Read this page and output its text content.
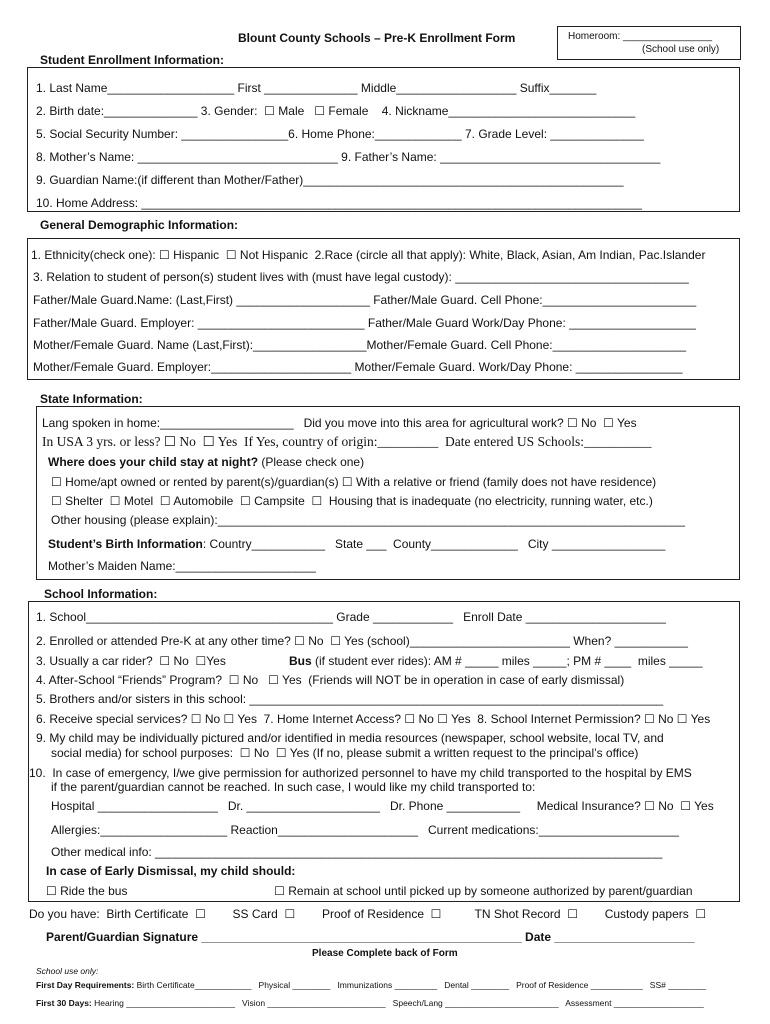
Blount County Schools – Pre-K Enrollment Form	Homeroom: ________________
(School use only)
Student Enrollment Information:
1. Last Name___________________ First ______________ Middle__________________ Suffix_______
2. Birth date:______________ 3. Gender:  ☐ Male   ☐ Female    4. Nickname____________________________
5. Social Security Number: ________________6. Home Phone:_____________ 7. Grade Level: ______________
8. Mother’s Name: ______________________________ 9. Father’s Name: _________________________________
9. Guardian Name:(if different than Mother/Father)________________________________________________
10. Home Address: ___________________________________________________________________________
General Demographic Information:
1. Ethnicity(check one): ☐ Hispanic  ☐ Not Hispanic  2.Race (circle all that apply): White, Black, Asian, Am Indian, Pac.Islander
3. Relation to student of person(s) student lives with (must have legal custody): ___________________________________
Father/Male Guard.Name: (Last,First) ____________________ Father/Male Guard. Cell Phone:_______________________
Father/Male Guard. Employer: _________________________ Father/Male Guard Work/Day Phone: ___________________
Mother/Female Guard. Name (Last,First):_________________Mother/Female Guard. Cell Phone:____________________
Mother/Female Guard. Employer:_____________________ Mother/Female Guard. Work/Day Phone: ________________
State Information:
Lang spoken in home:____________________   Did you move into this area for agricultural work? ☐ No  ☐ Yes
In USA 3 yrs. or less? ☐ No  ☐ Yes  If Yes, country of origin:_________  Date entered US Schools:__________
Where does your child stay at night? (Please check one)
☐ Home/apt owned or rented by parent(s)/guardian(s) ☐ With a relative or friend (family does not have residence)
☐ Shelter  ☐ Motel  ☐ Automobile  ☐ Campsite  ☐  Housing that is inadequate (no electricity, running water, etc.)
Other housing (please explain):______________________________________________________________________
Student’s Birth Information: Country___________   State ___  County_____________   City _________________
Mother’s Maiden Name:_____________________
School Information:
1. School_____________________________________ Grade ____________   Enroll Date _____________________
2. Enrolled or attended Pre-K at any other time? ☐ No  ☐ Yes (school)________________________ When? ___________
3. Usually a car rider?  ☐ No  ☐Yes	Bus (if student ever rides): AM # _____ miles _____; PM # ____  miles _____
4. After-School “Friends” Program?  ☐ No   ☐ Yes  (Friends will NOT be in operation in case of early dismissal)
5. Brothers and/or sisters in this school: ______________________________________________________________
6. Receive special services? ☐ No ☐ Yes  7. Home Internet Access? ☐ No ☐ Yes  8. School Internet Permission? ☐ No ☐ Yes
9. My child may be individually pictured and/or identified in media resources (newspaper, school website, local TV, and
social media) for school purposes:  ☐ No  ☐ Yes (If no, please submit a written request to the principal’s office)
10.  In case of emergency, I/we give permission for authorized personnel to have my child transported to the hospital by EMS
if the parent/guardian cannot be reached. In such case, I would like my child transported to:
Hospital __________________   Dr. ____________________   Dr. Phone ___________     Medical Insurance? ☐ No  ☐ Yes
Allergies:___________________ Reaction_____________________   Current medications:_____________________
Other medical info: ____________________________________________________________________________
In case of Early Dismissal, my child should:
☐ Ride the bus                                            ☐ Remain at school until picked up by someone authorized by parent/guardian
Do you have:  Birth Certificate  ☐        SS Card  ☐        Proof of Residence  ☐          TN Shot Record  ☐        Custody papers  ☐
Parent/Guardian Signature ________________________________________________ Date _____________________
Please Complete back of Form
School use only:
First Day Requirements: Birth Certificate____________   Physical ________   Immunizations _________   Dental ________   Proof of Residence ___________   SS# ________
First 30 Days: Hearing _______________________   Vision _________________________   Speech/Lang ________________________   Assessment ___________________
